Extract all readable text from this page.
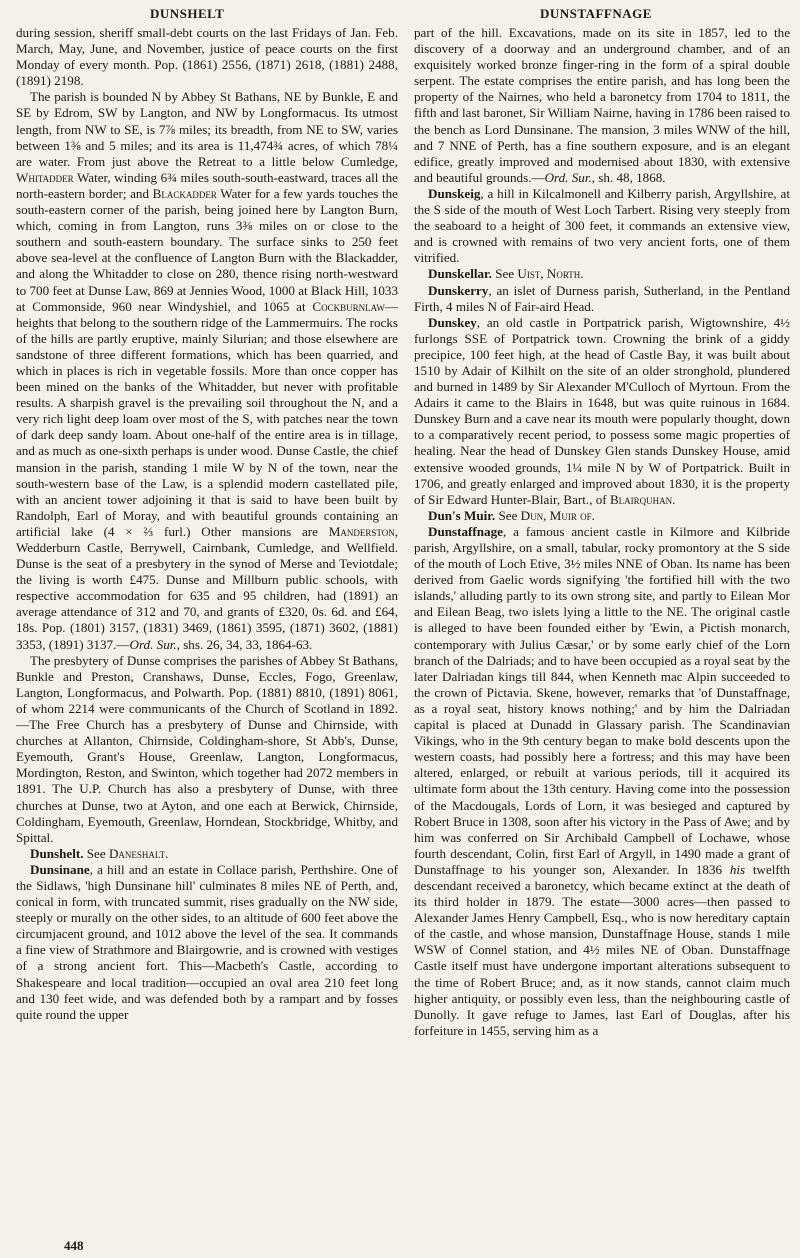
DUNSHELT	DUNSTAFFNAGE

during session, sheriff small-debt courts on the last Fridays of Jan. Feb. March, May, June, and November, justice of peace courts on the first Monday of every month. Pop. (1861) 2556, (1871) 2618, (1881) 2488, (1891) 2198.

The parish is bounded N by Abbey St Bathans, NE by Bunkle, E and SE by Edrom, SW by Langton, and NW by Longformacus. Its utmost length, from NW to SE, is 7⅞ miles; its breadth, from NE to SW, varies between 1⅜ and 5 miles; and its area is 11,474¾ acres, of which 78¼ are water. From just above the Retreat to a little below Cumledge, Whitadder Water, winding 6¾ miles south-south-eastward, traces all the north-eastern border; and Blackadder Water for a few yards touches the south-eastern corner of the parish, being joined here by Langton Burn, which, coming in from Langton, runs 3⅜ miles on or close to the southern and south-eastern boundary. The surface sinks to 250 feet above sea-level at the confluence of Langton Burn with the Blackadder, and along the Whitadder to close on 280, thence rising north-westward to 700 feet at Dunse Law, 869 at Jennies Wood, 1000 at Black Hill, 1033 at Commonside, 960 near Windyshiel, and 1065 at Cockburnlaw—heights that belong to the southern ridge of the Lammermuirs. The rocks of the hills are partly eruptive, mainly Silurian; and those elsewhere are sandstone of three different formations, which has been quarried, and which in places is rich in vegetable fossils. More than once copper has been mined on the banks of the Whitadder, but never with profitable results. A sharpish gravel is the prevailing soil throughout the N, and a very rich light deep loam over most of the S, with patches near the town of dark deep sandy loam. About one-half of the entire area is in tillage, and as much as one-sixth perhaps is under wood. Dunse Castle, the chief mansion in the parish, standing 1 mile W by N of the town, near the south-western base of the Law, is a splendid modern castellated pile, with an ancient tower adjoining it that is said to have been built by Randolph, Earl of Moray, and with beautiful grounds containing an artificial lake (4 × ⅔ furl.) Other mansions are Manderston, Wedderburn Castle, Berrywell, Cairnbank, Cumledge, and Wellfield. Dunse is the seat of a presbytery in the synod of Merse and Teviotdale; the living is worth £475. Dunse and Millburn public schools, with respective accommodation for 635 and 95 children, had (1891) an average attendance of 312 and 70, and grants of £320, 0s. 6d. and £64, 18s. Pop. (1801) 3157, (1831) 3469, (1861) 3595, (1871) 3602, (1881) 3353, (1891) 3137.—Ord. Sur., shs. 26, 34, 33, 1864-63.

The presbytery of Dunse comprises the parishes of Abbey St Bathans, Bunkle and Preston, Cranshaws, Dunse, Eccles, Fogo, Greenlaw, Langton, Longformacus, and Polwarth. Pop. (1881) 8810, (1891) 8061, of whom 2214 were communicants of the Church of Scotland in 1892.—The Free Church has a presbytery of Dunse and Chirnside, with churches at Allanton, Chirnside, Coldingham-shore, St Abb's, Dunse, Eyemouth, Grant's House, Greenlaw, Langton, Longformacus, Mordington, Reston, and Swinton, which together had 2072 members in 1891. The U.P. Church has also a presbytery of Dunse, with three churches at Dunse, two at Ayton, and one each at Berwick, Chirnside, Coldingham, Eyemouth, Greenlaw, Horndean, Stockbridge, Whitby, and Spittal.

Dunshelt. See Daneshalt.

Dunsinane, a hill and an estate in Collace parish, Perthshire. One of the Sidlaws, 'high Dunsinane hill' culminates 8 miles NE of Perth, and, conical in form, with truncated summit, rises gradually on the NW side, steeply or murally on the other sides, to an altitude of 600 feet above the circumjacent ground, and 1012 above the level of the sea. It commands a fine view of Strathmore and Blairgowrie, and is crowned with vestiges of a strong ancient fort. This—Macbeth's Castle, according to Shakespeare and local tradition—occupied an oval area 210 feet long and 130 feet wide, and was defended both by a rampart and by fosses quite round the upper

part of the hill. Excavations, made on its site in 1857, led to the discovery of a doorway and an underground chamber, and of an exquisitely worked bronze finger-ring in the form of a spiral double serpent. The estate comprises the entire parish, and has long been the property of the Nairnes, who held a baronetcy from 1704 to 1811, the fifth and last baronet, Sir William Nairne, having in 1786 been raised to the bench as Lord Dunsinane. The mansion, 3 miles WNW of the hill, and 7 NNE of Perth, has a fine southern exposure, and is an elegant edifice, greatly improved and modernised about 1830, with extensive and beautiful grounds.—Ord. Sur., sh. 48, 1868.

Dunskeig, a hill in Kilcalmonell and Kilberry parish, Argyllshire, at the S side of the mouth of West Loch Tarbert. Rising very steeply from the seaboard to a height of 300 feet, it commands an extensive view, and is crowned with remains of two very ancient forts, one of them vitrified.

Dunskellar. See Uist, North.

Dunskerry, an islet of Durness parish, Sutherland, in the Pentland Firth, 4 miles N of Fair-aird Head.

Dunskey, an old castle in Portpatrick parish, Wigtownshire, 4½ furlongs SSE of Portpatrick town. Crowning the brink of a giddy precipice, 100 feet high, at the head of Castle Bay, it was built about 1510 by Adair of Kilhilt on the site of an older stronghold, plundered and burned in 1489 by Sir Alexander M'Culloch of Myrtoun. From the Adairs it came to the Blairs in 1648, but was quite ruinous in 1684. Dunskey Burn and a cave near its mouth were popularly thought, down to a comparatively recent period, to possess some magic properties of healing. Near the head of Dunskey Glen stands Dunskey House, amid extensive wooded grounds, 1¼ mile N by W of Portpatrick. Built in 1706, and greatly enlarged and improved about 1830, it is the property of Sir Edward Hunter-Blair, Bart., of Blairquhan.

Dun's Muir. See Dun, Muir of.

Dunstaffnage, a famous ancient castle in Kilmore and Kilbride parish, Argyllshire, on a small, tabular, rocky promontory at the S side of the mouth of Loch Etive, 3½ miles NNE of Oban. Its name has been derived from Gaelic words signifying 'the fortified hill with the two islands,' alluding partly to its own strong site, and partly to Eilean Mor and Eilean Beag, two islets lying a little to the NE. The original castle is alleged to have been founded either by 'Ewin, a Pictish monarch, contemporary with Julius Cæsar,' or by some early chief of the Lorn branch of the Dalriads; and to have been occupied as a royal seat by the later Dalriadan kings till 844, when Kenneth mac Alpin succeeded to the crown of Pictavia. Skene, however, remarks that 'of Dunstaffnage, as a royal seat, history knows nothing;' and by him the Dalriadan capital is placed at Dunadd in Glassary parish. The Scandinavian Vikings, who in the 9th century began to make bold descents upon the western coasts, had possibly here a fortress; and this may have been altered, enlarged, or rebuilt at various periods, till it acquired its ultimate form about the 13th century. Having come into the possession of the Macdougals, Lords of Lorn, it was besieged and captured by Robert Bruce in 1308, soon after his victory in the Pass of Awe; and by him was conferred on Sir Archibald Campbell of Lochawe, whose fourth descendant, Colin, first Earl of Argyll, in 1490 made a grant of Dunstaffnage to his younger son, Alexander. In 1836 his twelfth descendant received a baronetcy, which became extinct at the death of its third holder in 1879. The estate—3000 acres—then passed to Alexander James Henry Campbell, Esq., who is now hereditary captain of the castle, and whose mansion, Dunstaffnage House, stands 1 mile WSW of Connel station, and 4½ miles NE of Oban. Dunstaffnage Castle itself must have undergone important alterations subsequent to the time of Robert Bruce; and, as it now stands, cannot claim much higher antiquity, or possibly even less, than the neighbouring castle of Dunolly. It gave refuge to James, last Earl of Douglas, after his forfeiture in 1455, serving him as a

448
